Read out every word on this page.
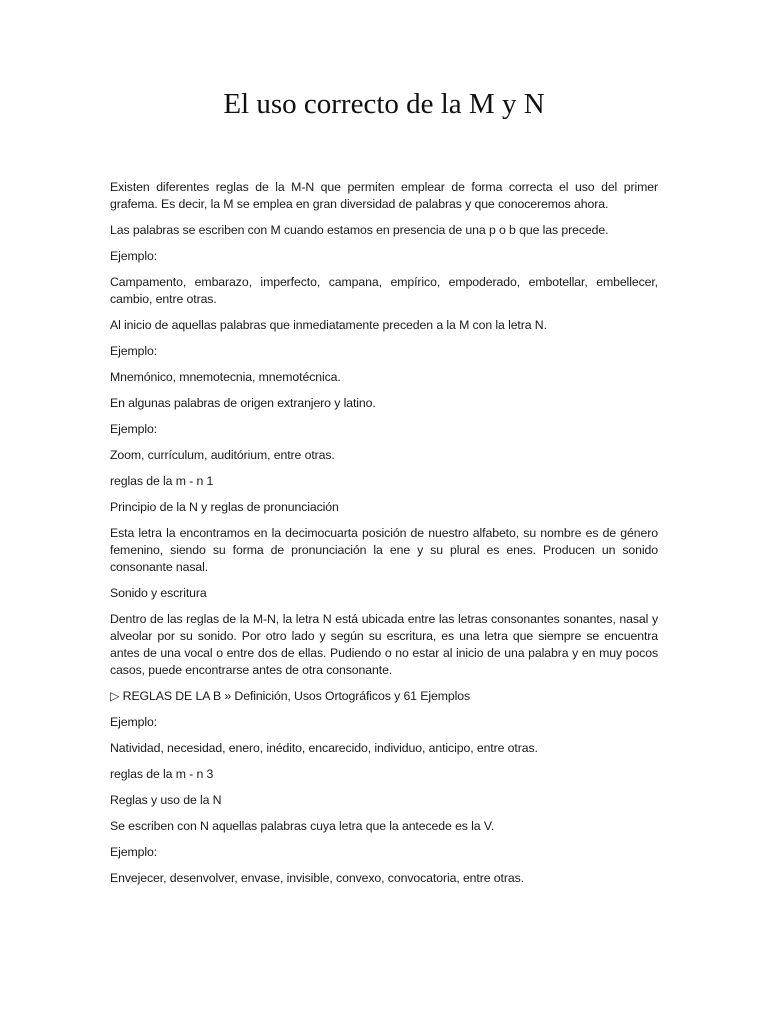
El uso correcto de la M y N

Existen diferentes reglas de la M-N que permiten emplear de forma correcta el uso del primer grafema. Es decir, la M se emplea en gran diversidad de palabras y que conoceremos ahora.

Las palabras se escriben con M cuando estamos en presencia de una p o b que las precede.

Ejemplo:

Campamento, embarazo, imperfecto, campana, empírico, empoderado, embotellar, embellecer, cambio, entre otras.

Al inicio de aquellas palabras que inmediatamente preceden a la M con la letra N.

Ejemplo:

Mnemónico, mnemotecnia, mnemotécnica.

En algunas palabras de origen extranjero y latino.

Ejemplo:

Zoom, currículum, auditórium, entre otras.

reglas de la m - n 1

Principio de la N y reglas de pronunciación

Esta letra la encontramos en la decimocuarta posición de nuestro alfabeto, su nombre es de género femenino, siendo su forma de pronunciación la ene y su plural es enes. Producen un sonido consonante nasal.

Sonido y escritura

Dentro de las reglas de la M-N, la letra N está ubicada entre las letras consonantes sonantes, nasal y alveolar por su sonido. Por otro lado y según su escritura, es una letra que siempre se encuentra antes de una vocal o entre dos de ellas. Pudiendo o no estar al inicio de una palabra y en muy pocos casos, puede encontrarse antes de otra consonante.

▷ REGLAS DE LA B » Definición, Usos Ortográficos y 61 Ejemplos

Ejemplo:

Natividad, necesidad, enero, inédito, encarecido, individuo, anticipo, entre otras.

reglas de la m - n 3

Reglas y uso de la N

Se escriben con N aquellas palabras cuya letra que la antecede es la V.

Ejemplo:

Envejecer, desenvolver, envase, invisible, convexo, convocatoria, entre otras.
